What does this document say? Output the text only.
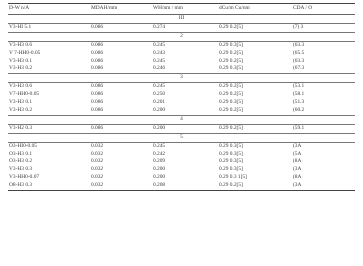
D-W n/A	MDAH/mm	WH/nm / mm	dCu/m Cu/nm	CDA / O
III				
V3-HI 5.1	0.086	0.274	0.29 0.2[5]	(7) 3
2				
V3-H3 0.6	0.086	0.245	0.29 0.3[5]	(63.3
V 7-HH0-0.05	0.086	0.243	0.29 0.2[5]	(65.5
V3-H3 0.1	0.086	0.245	0.29 0.2[5]	(63.3
V3-H3 0.2	0.086	0.246	0.29 0.3[5]	(67.3
3				
V3-H3 0.6	0.086	0.245	0.29 0.2[5]	(53.1
V7-HH0-0.05	0.086	0.250	0.29 0.2[5]	(58.1
V3-H3 0.1	0.086	0.201	0.29 0.3[5]	(51.3
V3-H3 0.2	0.086	0.200	0.29 0.2[5]	(60.2
4				
V3-H2 0.3	0.086	0.200	0.29 0.2[5]	(59.1
5				
O3-HI0-0.05	0.032	0.245	0.29 0.3[5]	(3A
O3-H3 0.1	0.032	0.242	0.29 0.3[5]	(5A
O3-H3 0.2	0.032	0.209	0.29 0.3[5]	(8A
V3-H3 0.3	0.032	0.200	0.29 0.3[5]	(3A
V3-HH0-0.07	0.032	0.200	0.29 0.3 1[5]	(8A
O8-H3 0.3	0.032	0.208	0.29 0.2[5]	(3A
